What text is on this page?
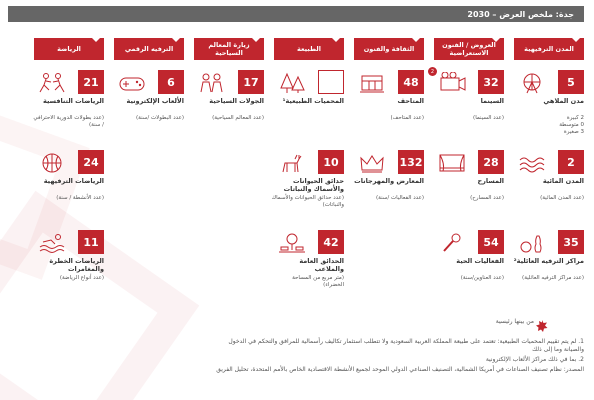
جدة: ملخص العرض – 2030
المدن الترفيهية
العروض / الفنون الاستعراضية
الثقافة والفنون
الطبيعة
زيارة المعالم السياحية
الترفيه الرقمي
الرياضة
5
مدن الملاهي
2 كبيرة
0 متوسطة
3 صغيرة
32
2
السينما
(عدد السينما)
48
المتاحف
(عدد المتاحف)
المحميات الطبيعية¹
17
الجولات السياحية
(عدد المعالم السياحية)
6
الألعاب الإلكترونية
(عدد البطولات /سنة)
21
الرياضات التنافسية
(عدد بطولات الدورية الاحترافي / سنة)
2
المدن المائية
(عدد المدن المائية)
28
المسارح
(عدد المسارح)
132
المعارض والمهرجانات
(عدد الفعاليات /سنة)
10
حدائق الحيوانات والأسماك والنباتات
(عدد حدائق الحيوانات والأسماك والنباتات)
24
الرياضات الترفيهية
(عدد الأنشطة / سنة)
35
مراكز الترفيه العائلية²
(عدد مراكز الترفيه العائلية)
54
الفعاليات الحية
(عدد العناوين/سنة)
42
الحدائق العامة والملاعب
(متر مربع من المساحة الخضراء)
11
الرياضات الخطرة والمغامرات
(عدد أنواع الرياضة)
من بينها رئيسية
1. لم يتم تقييم المحميات الطبيعية: تعتمد على طبيعة المملكة العربية السعودية ولا تتطلب استثمار تكاليف رأسمالية للمرافق والتحكم في الدخول
والصيانة وما إلى ذلك
2. بما في ذلك مراكز الألعاب الإلكترونية
المصدر: نظام تصنيف الصناعات في أمريكا الشمالية، التصنيف الصناعي الدولي الموحد لجميع الأنشطة الاقتصادية الخاص بالأمم المتحدة، تحليل الفريق
